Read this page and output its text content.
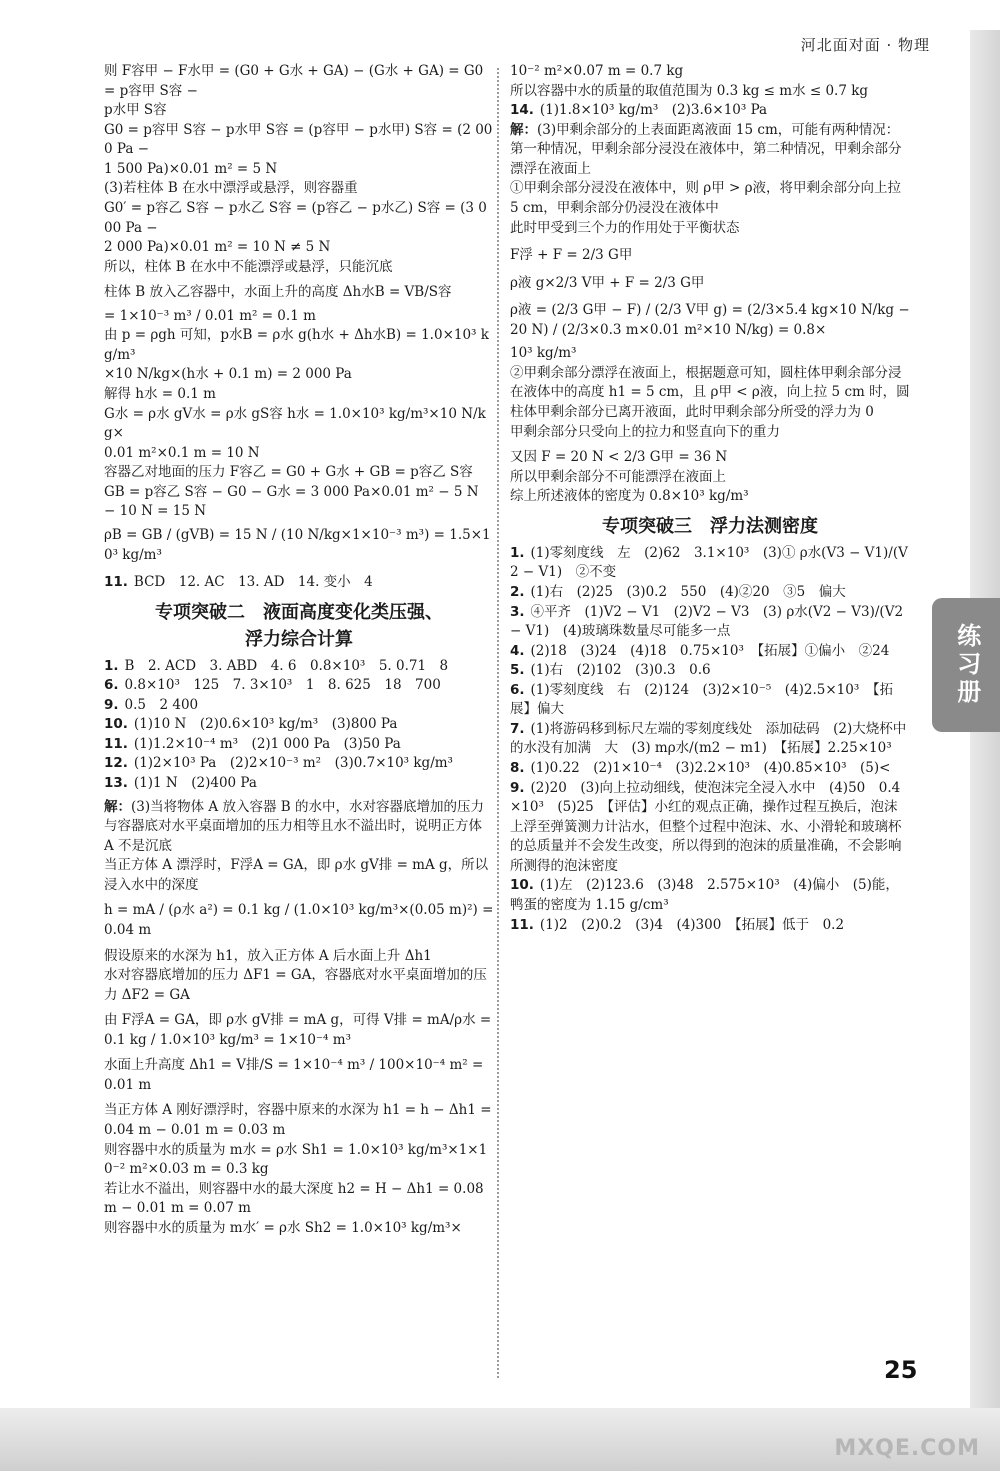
河北面对面 · 物理
练习册

则 F容甲 − F水甲 = (G0 + G水 + GA) − (G水 + GA) = G0 = p容甲 S容 −

p水甲 S容

G0 = p容甲 S容 − p水甲 S容 = (p容甲 − p水甲) S容 = (2 000 Pa −

1 500 Pa)×0.01 m² = 5 N

(3)若柱体 B 在水中漂浮或悬浮，则容器重

G0′ = p容乙 S容 − p水乙 S容 = (p容乙 − p水乙) S容 = (3 000 Pa −

2 000 Pa)×0.01 m² = 10 N ≠ 5 N

所以，柱体 B 在水中不能漂浮或悬浮，只能沉底

柱体 B 放入乙容器中，水面上升的高度 Δh水B = VB/S容

= 1×10⁻³ m³ / 0.01 m² = 0.1 m

由 p = ρgh 可知，p水B = ρ水 g(h水 + Δh水B) = 1.0×10³ kg/m³

×10 N/kg×(h水 + 0.1 m) = 2 000 Pa

解得 h水 = 0.1 m

G水 = ρ水 gV水 = ρ水 gS容 h水 = 1.0×10³ kg/m³×10 N/kg×

0.01 m²×0.1 m = 10 N

容器乙对地面的压力 F容乙 = G0 + G水 + GB = p容乙 S容

GB = p容乙 S容 − G0 − G水 = 3 000 Pa×0.01 m² − 5 N − 10 N = 15 N

ρB = GB / (gVB) = 15 N / (10 N/kg×1×10⁻³ m³) = 1.5×10³ kg/m³

11. BCD　12. AC　13. AD　14. 变小　4

专项突破二　液面高度变化类压强、
浮力综合计算

1. B　2. ACD　3. ABD　4. 6　0.8×10³　5. 0.71　8

6. 0.8×10³　125　7. 3×10³　1　8. 625　18　700

9. 0.5　2 400

10. (1)10 N　(2)0.6×10³ kg/m³　(3)800 Pa

11. (1)1.2×10⁻⁴ m³　(2)1 000 Pa　(3)50 Pa

12. (1)2×10³ Pa　(2)2×10⁻³ m²　(3)0.7×10³ kg/m³

13. (1)1 N　(2)400 Pa

解：(3)当将物体 A 放入容器 B 的水中，水对容器底增加的压力与容器底对水平桌面增加的压力相等且水不溢出时，说明正方体 A 不是沉底

当正方体 A 漂浮时，F浮A = GA，即 ρ水 gV排 = mA g，所以浸入水中的深度

h = mA / (ρ水 a²) = 0.1 kg / (1.0×10³ kg/m³×(0.05 m)²) = 0.04 m

假设原来的水深为 h1，放入正方体 A 后水面上升 Δh1

水对容器底增加的压力 ΔF1 = GA，容器底对水平桌面增加的压力 ΔF2 = GA

由 F浮A = GA，即 ρ水 gV排 = mA g，可得 V排 = mA/ρ水 =

0.1 kg / 1.0×10³ kg/m³ = 1×10⁻⁴ m³

水面上升高度 Δh1 = V排/S = 1×10⁻⁴ m³ / 100×10⁻⁴ m² = 0.01 m

当正方体 A 刚好漂浮时，容器中原来的水深为 h1 = h − Δh1 = 0.04 m − 0.01 m = 0.03 m

则容器中水的质量为 m水 = ρ水 Sh1 = 1.0×10³ kg/m³×1×10⁻² m²×0.03 m = 0.3 kg

若让水不溢出，则容器中水的最大深度 h2 = H − Δh1 = 0.08 m − 0.01 m = 0.07 m

则容器中水的质量为 m水′ = ρ水 Sh2 = 1.0×10³ kg/m³×

10⁻² m²×0.07 m = 0.7 kg

所以容器中水的质量的取值范围为 0.3 kg ≤ m水 ≤ 0.7 kg

14. (1)1.8×10³ kg/m³　(2)3.6×10³ Pa

解：(3)甲剩余部分的上表面距离液面 15 cm，可能有两种情况：第一种情况，甲剩余部分浸没在液体中，第二种情况，甲剩余部分漂浮在液面上

①甲剩余部分浸没在液体中，则 ρ甲 > ρ液，将甲剩余部分向上拉 5 cm，甲剩余部分仍浸没在液体中

此时甲受到三个力的作用处于平衡状态

F浮 + F = 2/3 G甲

ρ液 g×2/3 V甲 + F = 2/3 G甲

ρ液 = (2/3 G甲 − F) / (2/3 V甲 g) = (2/3×5.4 kg×10 N/kg − 20 N) / (2/3×0.3 m×0.01 m²×10 N/kg) = 0.8×

10³ kg/m³

②甲剩余部分漂浮在液面上，根据题意可知，圆柱体甲剩余部分浸在液体中的高度 h1 = 5 cm，且 ρ甲 < ρ液，向上拉 5 cm 时，圆柱体甲剩余部分已离开液面，此时甲剩余部分所受的浮力为 0

甲剩余部分只受向上的拉力和竖直向下的重力

又因 F = 20 N < 2/3 G甲 = 36 N

所以甲剩余部分不可能漂浮在液面上

综上所述液体的密度为 0.8×10³ kg/m³

专项突破三　浮力法测密度

1. (1)零刻度线　左　(2)62　3.1×10³　(3)① ρ水(V3 − V1)/(V2 − V1)　②不变

2. (1)右　(2)25　(3)0.2　550　(4)②20　③5　偏大

3. ④平齐　(1)V2 − V1　(2)V2 − V3　(3) ρ水(V2 − V3)/(V2 − V1)　(4)玻璃珠数量尽可能多一点

4. (2)18　(3)24　(4)18　0.75×10³　【拓展】①偏小　②24

5. (1)右　(2)102　(3)0.3　0.6

6. (1)零刻度线　右　(2)124　(3)2×10⁻⁵　(4)2.5×10³　【拓展】偏大

7. (1)将游码移到标尺左端的零刻度线处　添加砝码　(2)大烧杯中的水没有加满　大　(3) mρ水/(m2 − m1)　【拓展】2.25×10³

8. (1)0.22　(2)1×10⁻⁴　(3)2.2×10³　(4)0.85×10³　(5)<

9. (2)20　(3)向上拉动细线，使泡沫完全浸入水中　(4)50　0.4×10³　(5)25　【评估】小红的观点正确，操作过程互换后，泡沫上浮至弹簧测力计沾水，但整个过程中泡沫、水、小滑轮和玻璃杯的总质量并不会发生改变，所以得到的泡沫的质量准确，不会影响所测得的泡沫密度

10. (1)左　(2)123.6　(3)48　2.575×10³　(4)偏小　(5)能，鸭蛋的密度为 1.15 g/cm³

11. (1)2　(2)0.2　(3)4　(4)300　【拓展】低于　0.2

25
MXQE.COM
